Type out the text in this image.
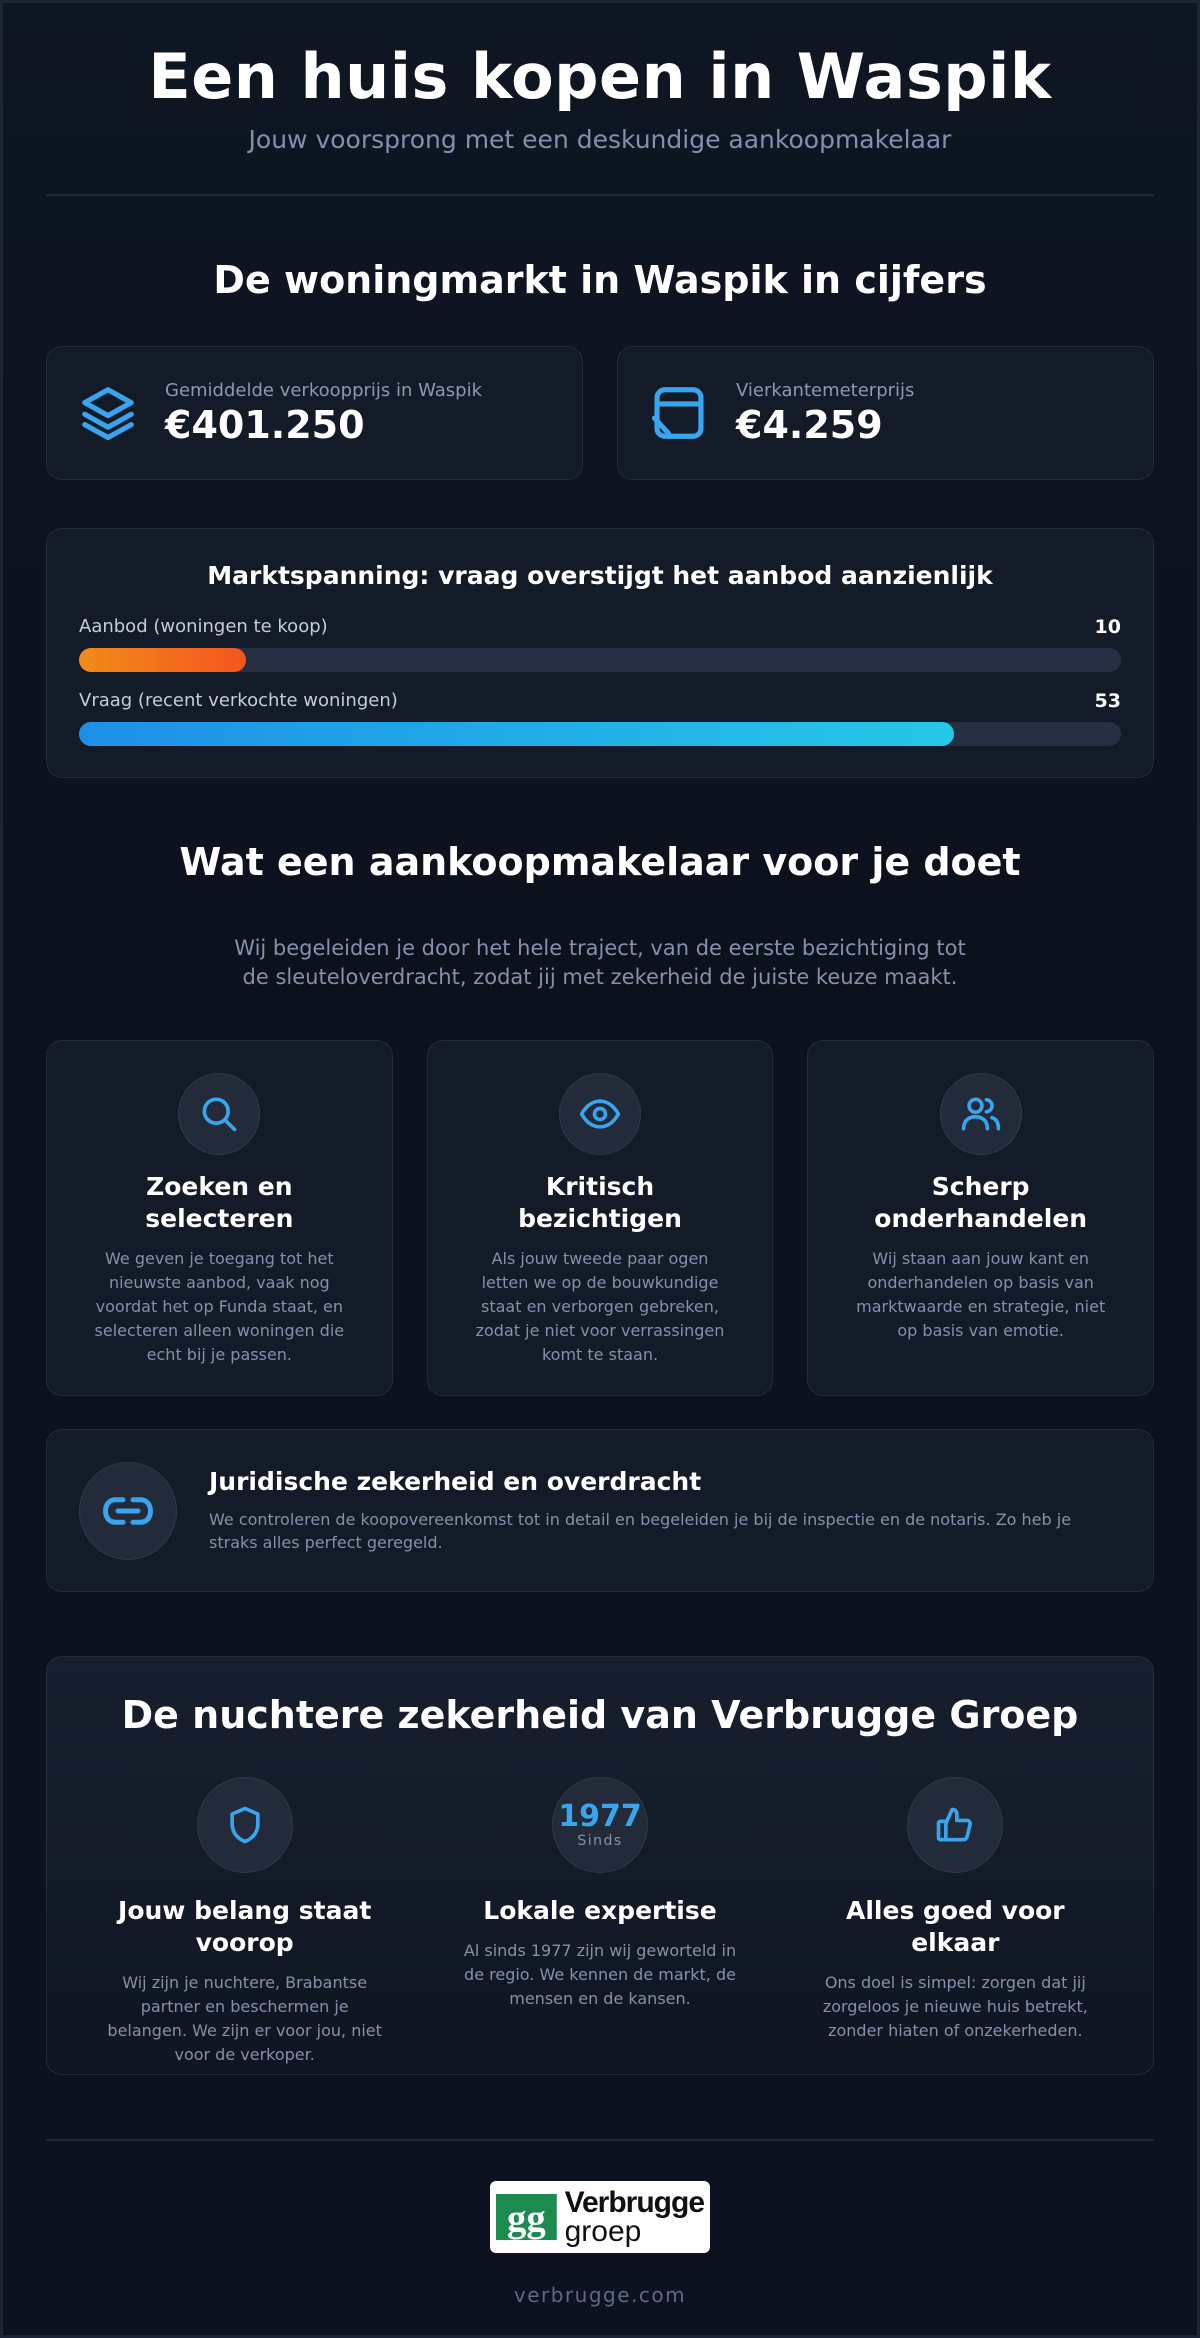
Een huis kopen in Waspik

Jouw voorsprong met een deskundige aankoopmakelaar

De woningmarkt in Waspik in cijfers
Gemiddelde verkoopprijs in Waspik
€401.250
Vierkantemeterprijs
€4.259
Marktspanning: vraag overstijgt het aanbod aanzienlijk
Aanbod (woningen te koop)	10
Vraag (recent verkochte woningen)	53
Wat een aankoopmakelaar voor je doet

Wij begeleiden je door het hele traject, van de eerste bezichtiging tot de sleuteloverdracht, zodat jij met zekerheid de juiste keuze maakt.

Zoeken en selecteren
We geven je toegang tot het nieuwste aanbod, vaak nog voordat het op Funda staat, en selecteren alleen woningen die echt bij je passen.
Kritisch bezichtigen
Als jouw tweede paar ogen letten we op de bouwkundige staat en verborgen gebreken, zodat je niet voor verrassingen komt te staan.
Scherp onderhandelen
Wij staan aan jouw kant en onderhandelen op basis van marktwaarde en strategie, niet op basis van emotie.
Juridische zekerheid en overdracht
We controleren de koopovereenkomst tot in detail en begeleiden je bij de inspectie en de notaris. Zo heb je straks alles perfect geregeld.
De nuchtere zekerheid van Verbrugge Groep
Jouw belang staat voorop
Wij zijn je nuchtere, Brabantse partner en beschermen je belangen. We zijn er voor jou, niet voor de verkoper.
1977
Sinds
Lokale expertise
Al sinds 1977 zijn wij geworteld in de regio. We kennen de markt, de mensen en de kansen.
Alles goed voor elkaar
Ons doel is simpel: zorgen dat jij zorgeloos je nieuwe huis betrekt, zonder hiaten of onzekerheden.
gg Verbrugge
groep
verbrugge.com
